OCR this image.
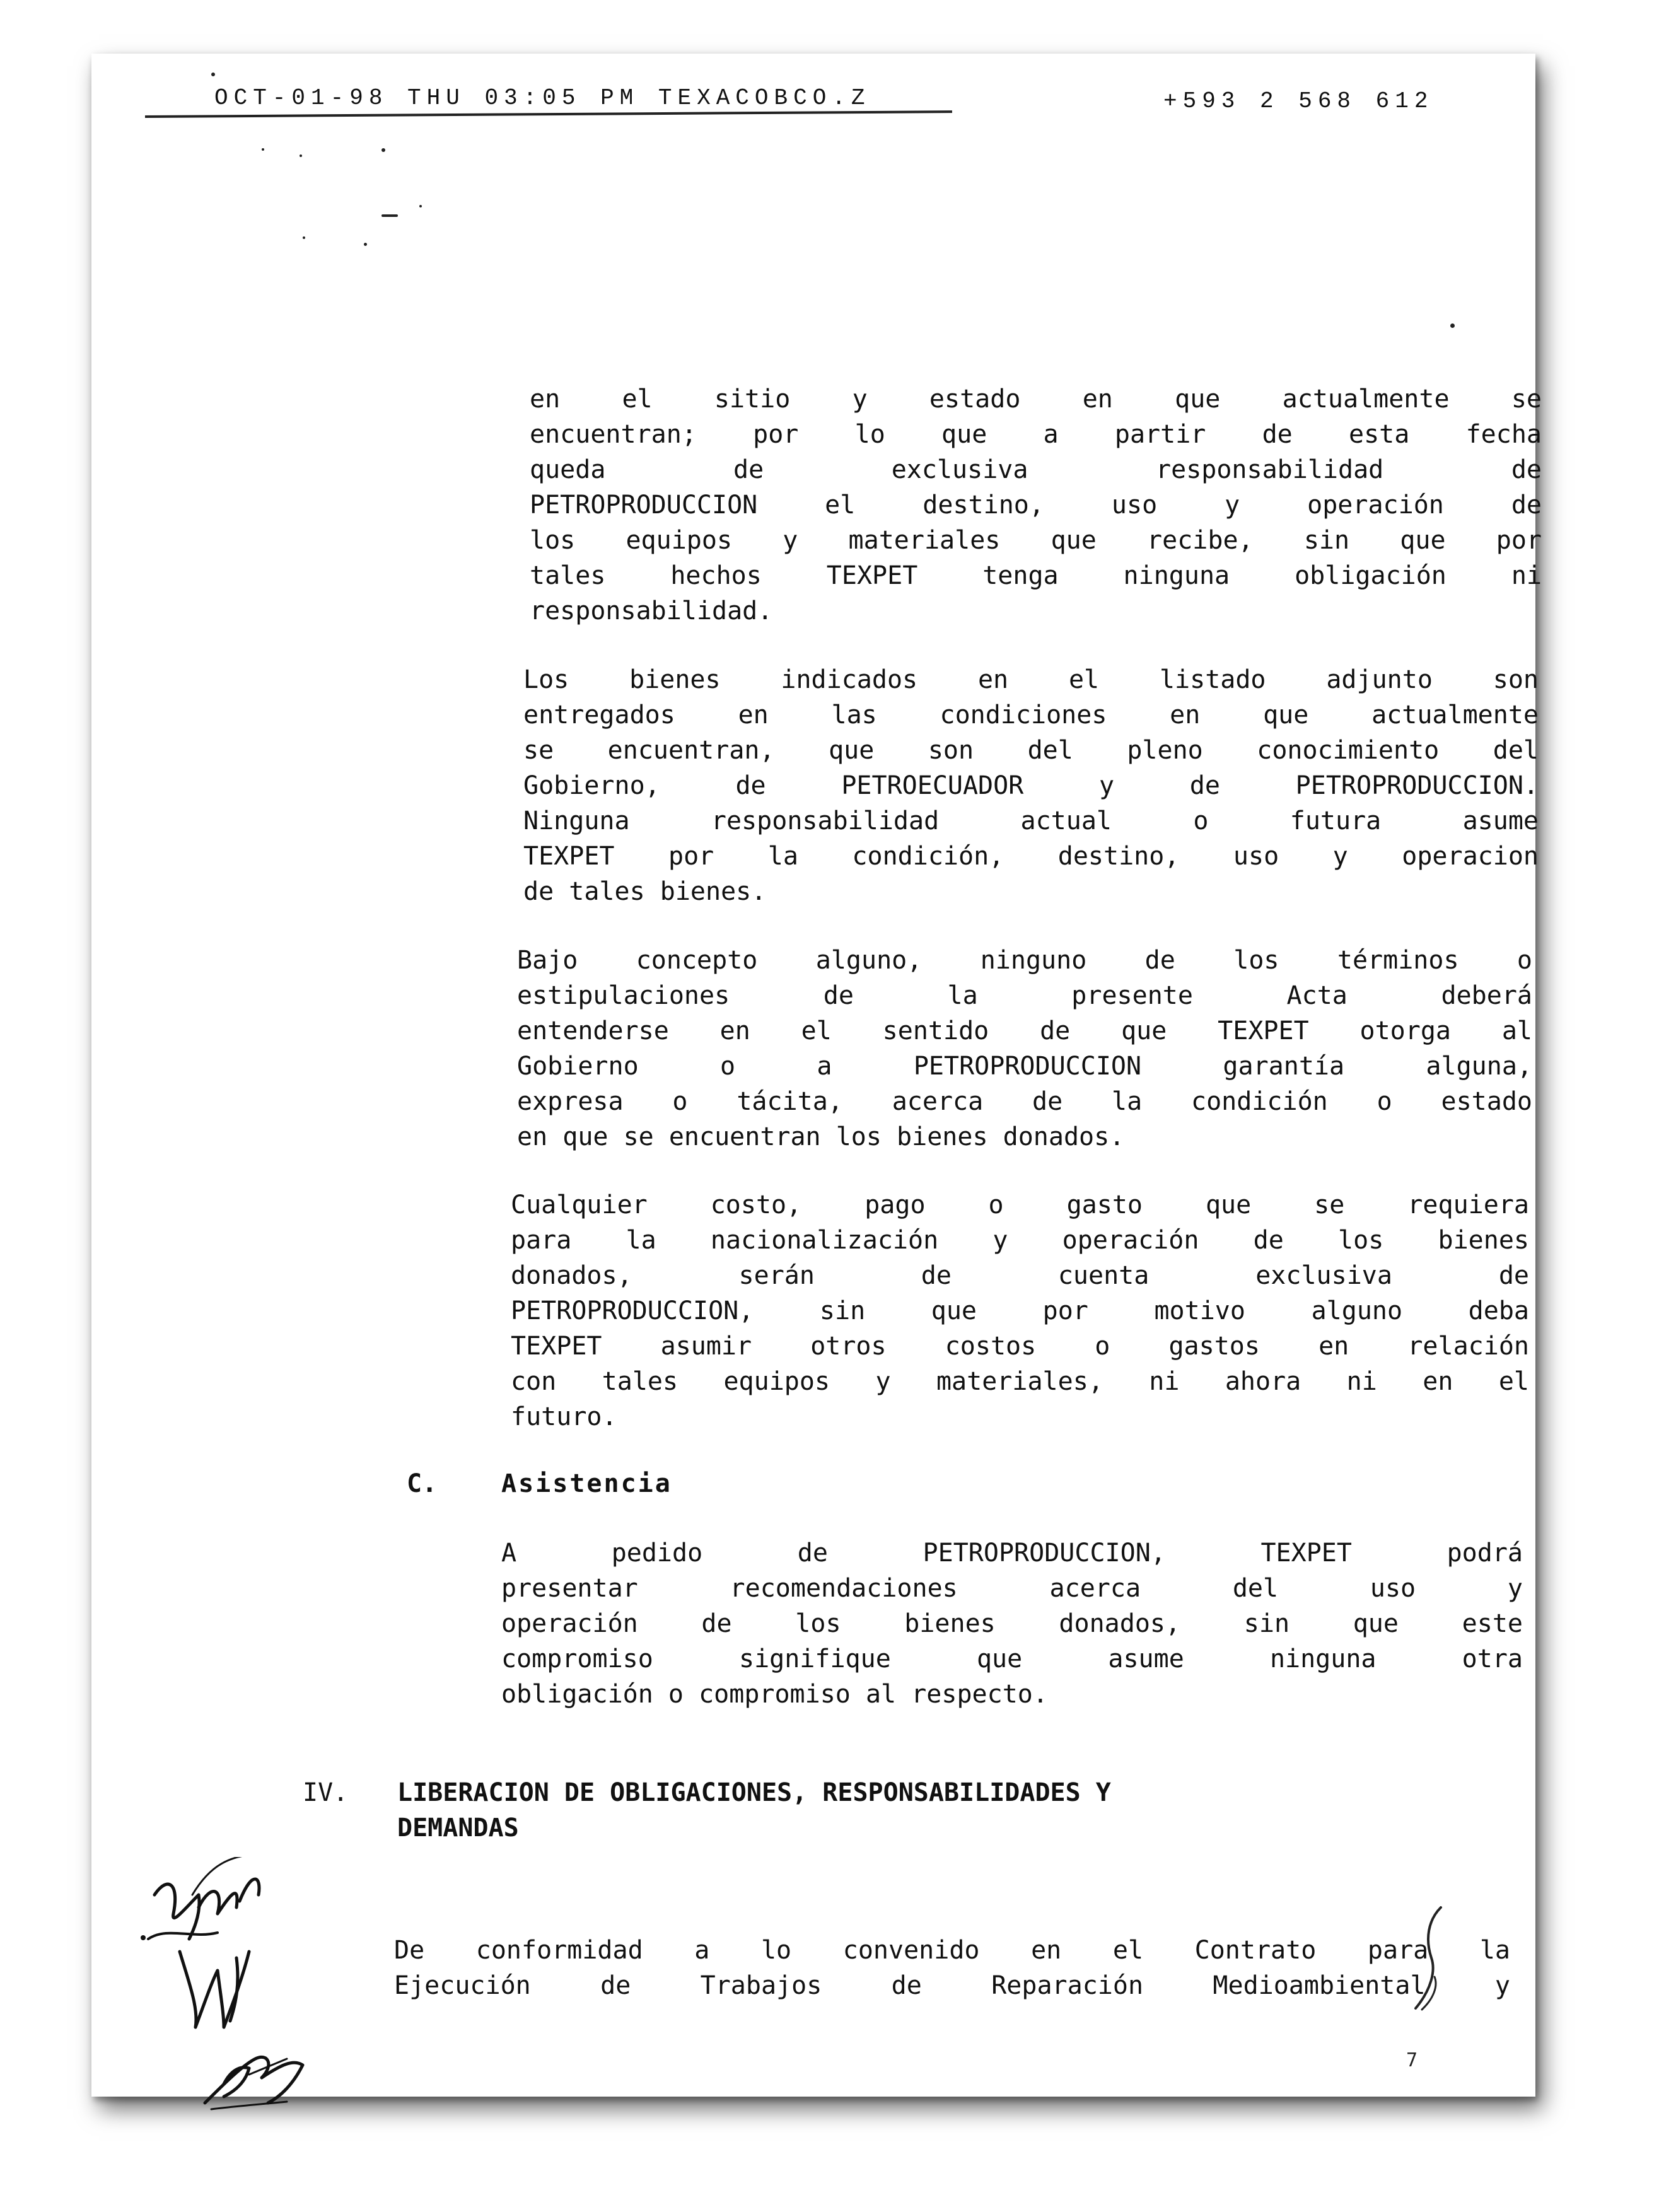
OCT-01-98 THU 03:05 PM TEXACOBCO.Z	+593 2 568 612
en el sitio y estado en que actualmente se
encuentran; por lo que a partir de esta fecha
queda de exclusiva responsabilidad de
PETROPRODUCCION el destino, uso y operación de
los equipos y materiales que recibe, sin que por
tales hechos TEXPET tenga ninguna obligación ni
responsabilidad.
Los bienes indicados en el listado adjunto son
entregados en las condiciones en que actualmente
se encuentran, que son del pleno conocimiento del
Gobierno, de PETROECUADOR y de PETROPRODUCCION.
Ninguna responsabilidad actual o futura asume
TEXPET por la condición, destino, uso y operacion
de tales bienes.
Bajo concepto alguno, ninguno de los términos o
estipulaciones de la presente Acta deberá
entenderse en el sentido de que TEXPET otorga al
Gobierno o a PETROPRODUCCION garantía alguna,
expresa o tácita, acerca de la condición o estado
en que se encuentran los bienes donados.
Cualquier costo, pago o gasto que se requiera
para la nacionalización y operación de los bienes
donados, serán de cuenta exclusiva de
PETROPRODUCCION, sin que por motivo alguno deba
TEXPET asumir otros costos o gastos en relación
con tales equipos y materiales, ni ahora ni en el
futuro.
C.	Asistencia
A pedido de PETROPRODUCCION, TEXPET podrá
presentar recomendaciones acerca del uso y
operación de los bienes donados, sin que este
compromiso signifique que asume ninguna otra
obligación o compromiso al respecto.
IV. LIBERACION DE OBLIGACIONES, RESPONSABILIDADES Y
DEMANDAS
De conformidad a lo convenido en el Contrato para la
Ejecución de Trabajos de Reparación Medioambiental y
7
